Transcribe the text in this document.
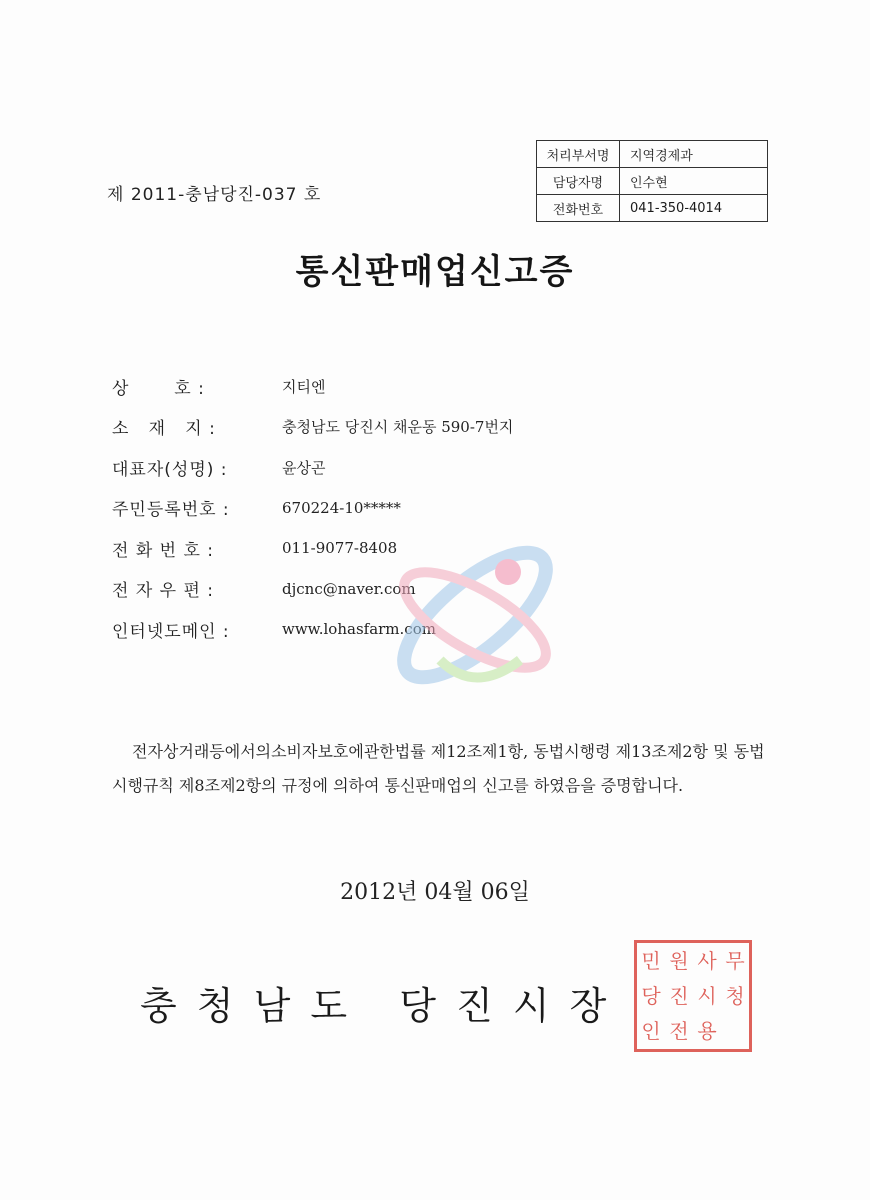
제 2011-충남당진-037 호
처리부서명	지역경제과
담당자명	인수현
전화번호	041-350-4014
통신판매업신고증
상       호 :	지티엔
소   재   지 :	충청남도 당진시 채운동 590-7번지
대표자(성명) :	윤상곤
주민등록번호 :	670224-10*****
전 화 번 호 :	011-9077-8408
전 자 우 편 :	djcnc@naver.com
인터넷도메인 :	www.lohasfarm.com

전자상거래등에서의소비자보호에관한법률 제12조제1항, 동법시행령 제13조제2항 및 동법시행규칙 제8조제2항의 규정에 의하여 통신판매업의 신고를 하였음을 증명합니다.

2012년 04월 06일
충 청 남 도   당 진 시 장
민 원 사 무
당 진 시 청
인 전 용
